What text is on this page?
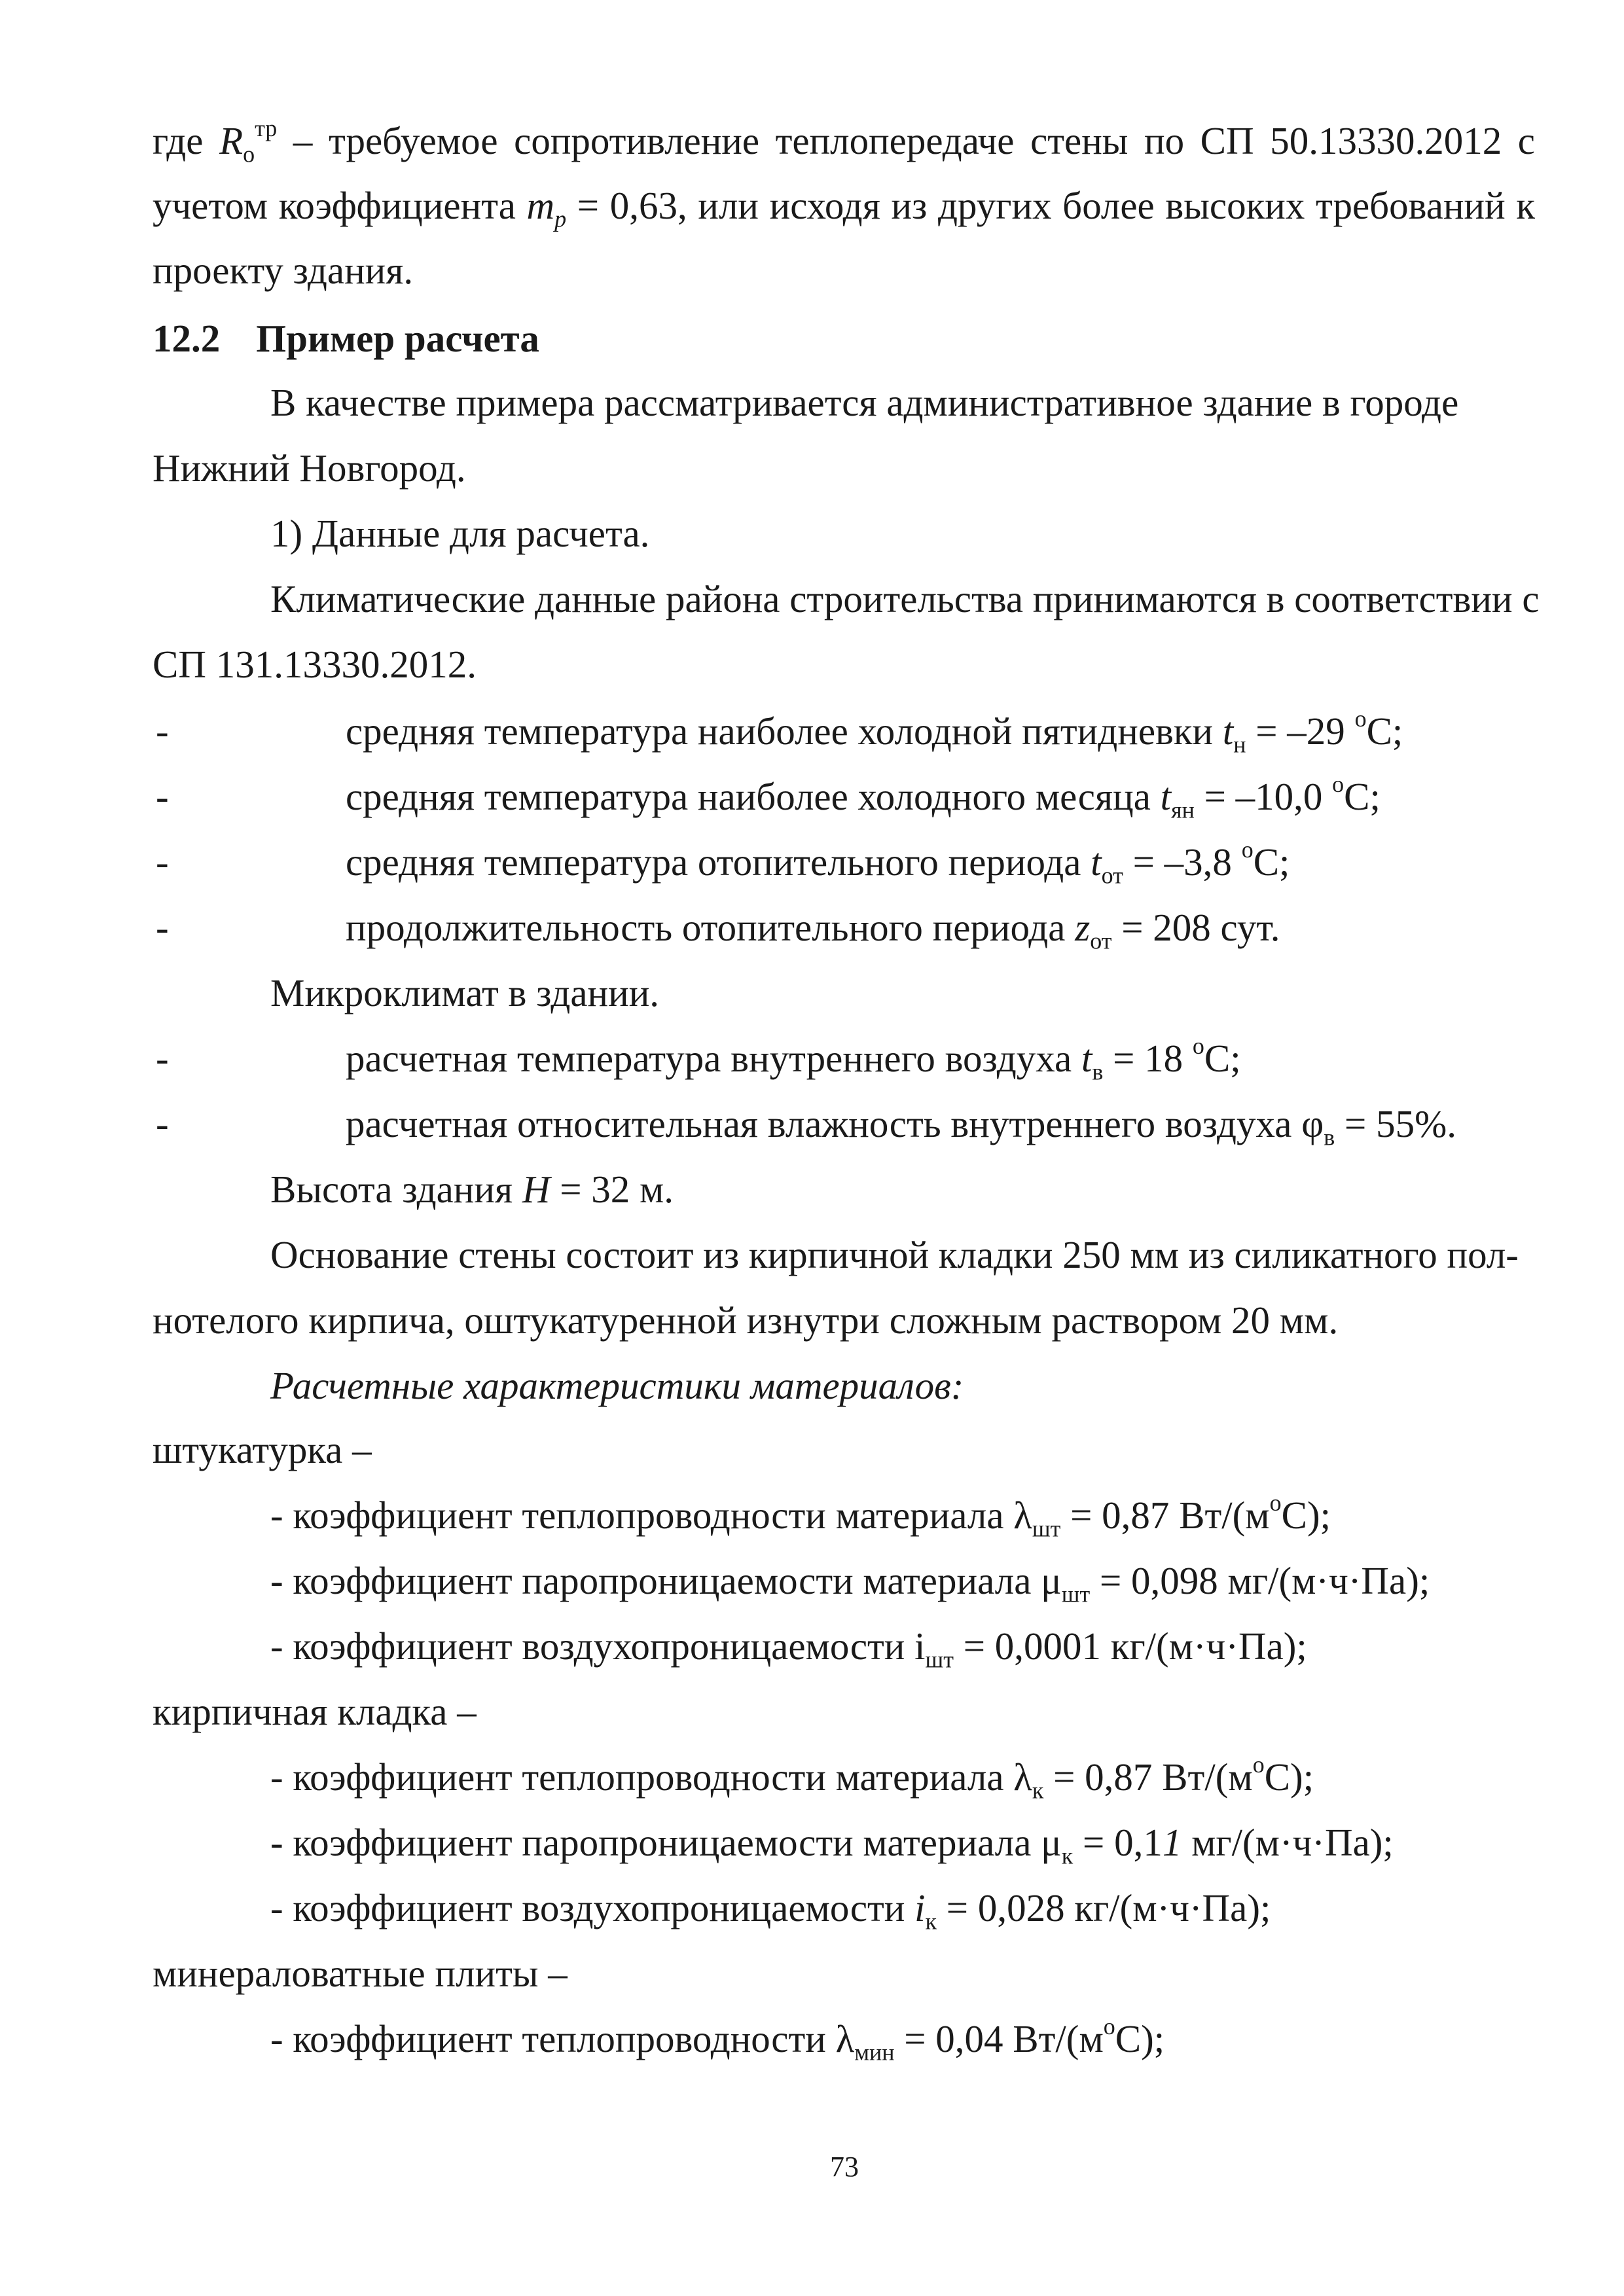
где $R_о^{тр}$ – требуемое сопротивление теплопередаче стены по СП 50.13330.2012 с
учетом коэффициента $m_p = 0,63$, или исходя из других более высоких требований к
проекту здания.
12.2 Пример расчета
В качестве примера рассматривается административное здание в городе
Нижний Новгород.
1) Данные для расчета.
Климатические данные района строительства принимаются в соответствии с
СП 131.13330.2012.
-	средняя температура наиболее холодной пятидневки $t_н = -29$ $^o$С;
-	средняя температура наиболее холодного месяца $t_{ян} = -10,0$ $^o$С;
-	средняя температура отопительного периода $t_{от} = -3,8$ $^o$С;
-	продолжительность отопительного периода $z_{от} = 208$ сут.
Микроклимат в здании.
-	расчетная температура внутреннего воздуха $t_в = 18$ $^o$С;
-	расчетная относительная влажность внутреннего воздуха $\varphi_в = 55\%$.
Высота здания H = 32 м.
Основание стены состоит из кирпичной кладки 250 мм из силикатного пол-
нотелого кирпича, оштукатуренной изнутри сложным раствором 20 мм.
Расчетные характеристики материалов:
штукатурка –
- коэффициент теплопроводности материала $\lambda_{шт} = 0,87$ $Вт/(м^oС)$;
- коэффициент паропроницаемости материала $\mu_{шт} = 0,098$ мг/(м·ч·Па);
- коэффициент воздухопроницаемости $i_{шт} = 0,0001$ кг/(м·ч·Па);
кирпичная кладка –
- коэффициент теплопроводности материала $\lambda_к = 0,87$ $Вт/(м^oС)$;
- коэффициент паропроницаемости материала $\mu_к = 0,11$ мг/(м·ч·Па);
- коэффициент воздухопроницаемости $i_к = 0,028$ кг/(м·ч·Па);
минераловатные плиты –
- коэффициент теплопроводности $\lambda_{мин} = 0,04$ $Вт/(м^oС)$;
73
